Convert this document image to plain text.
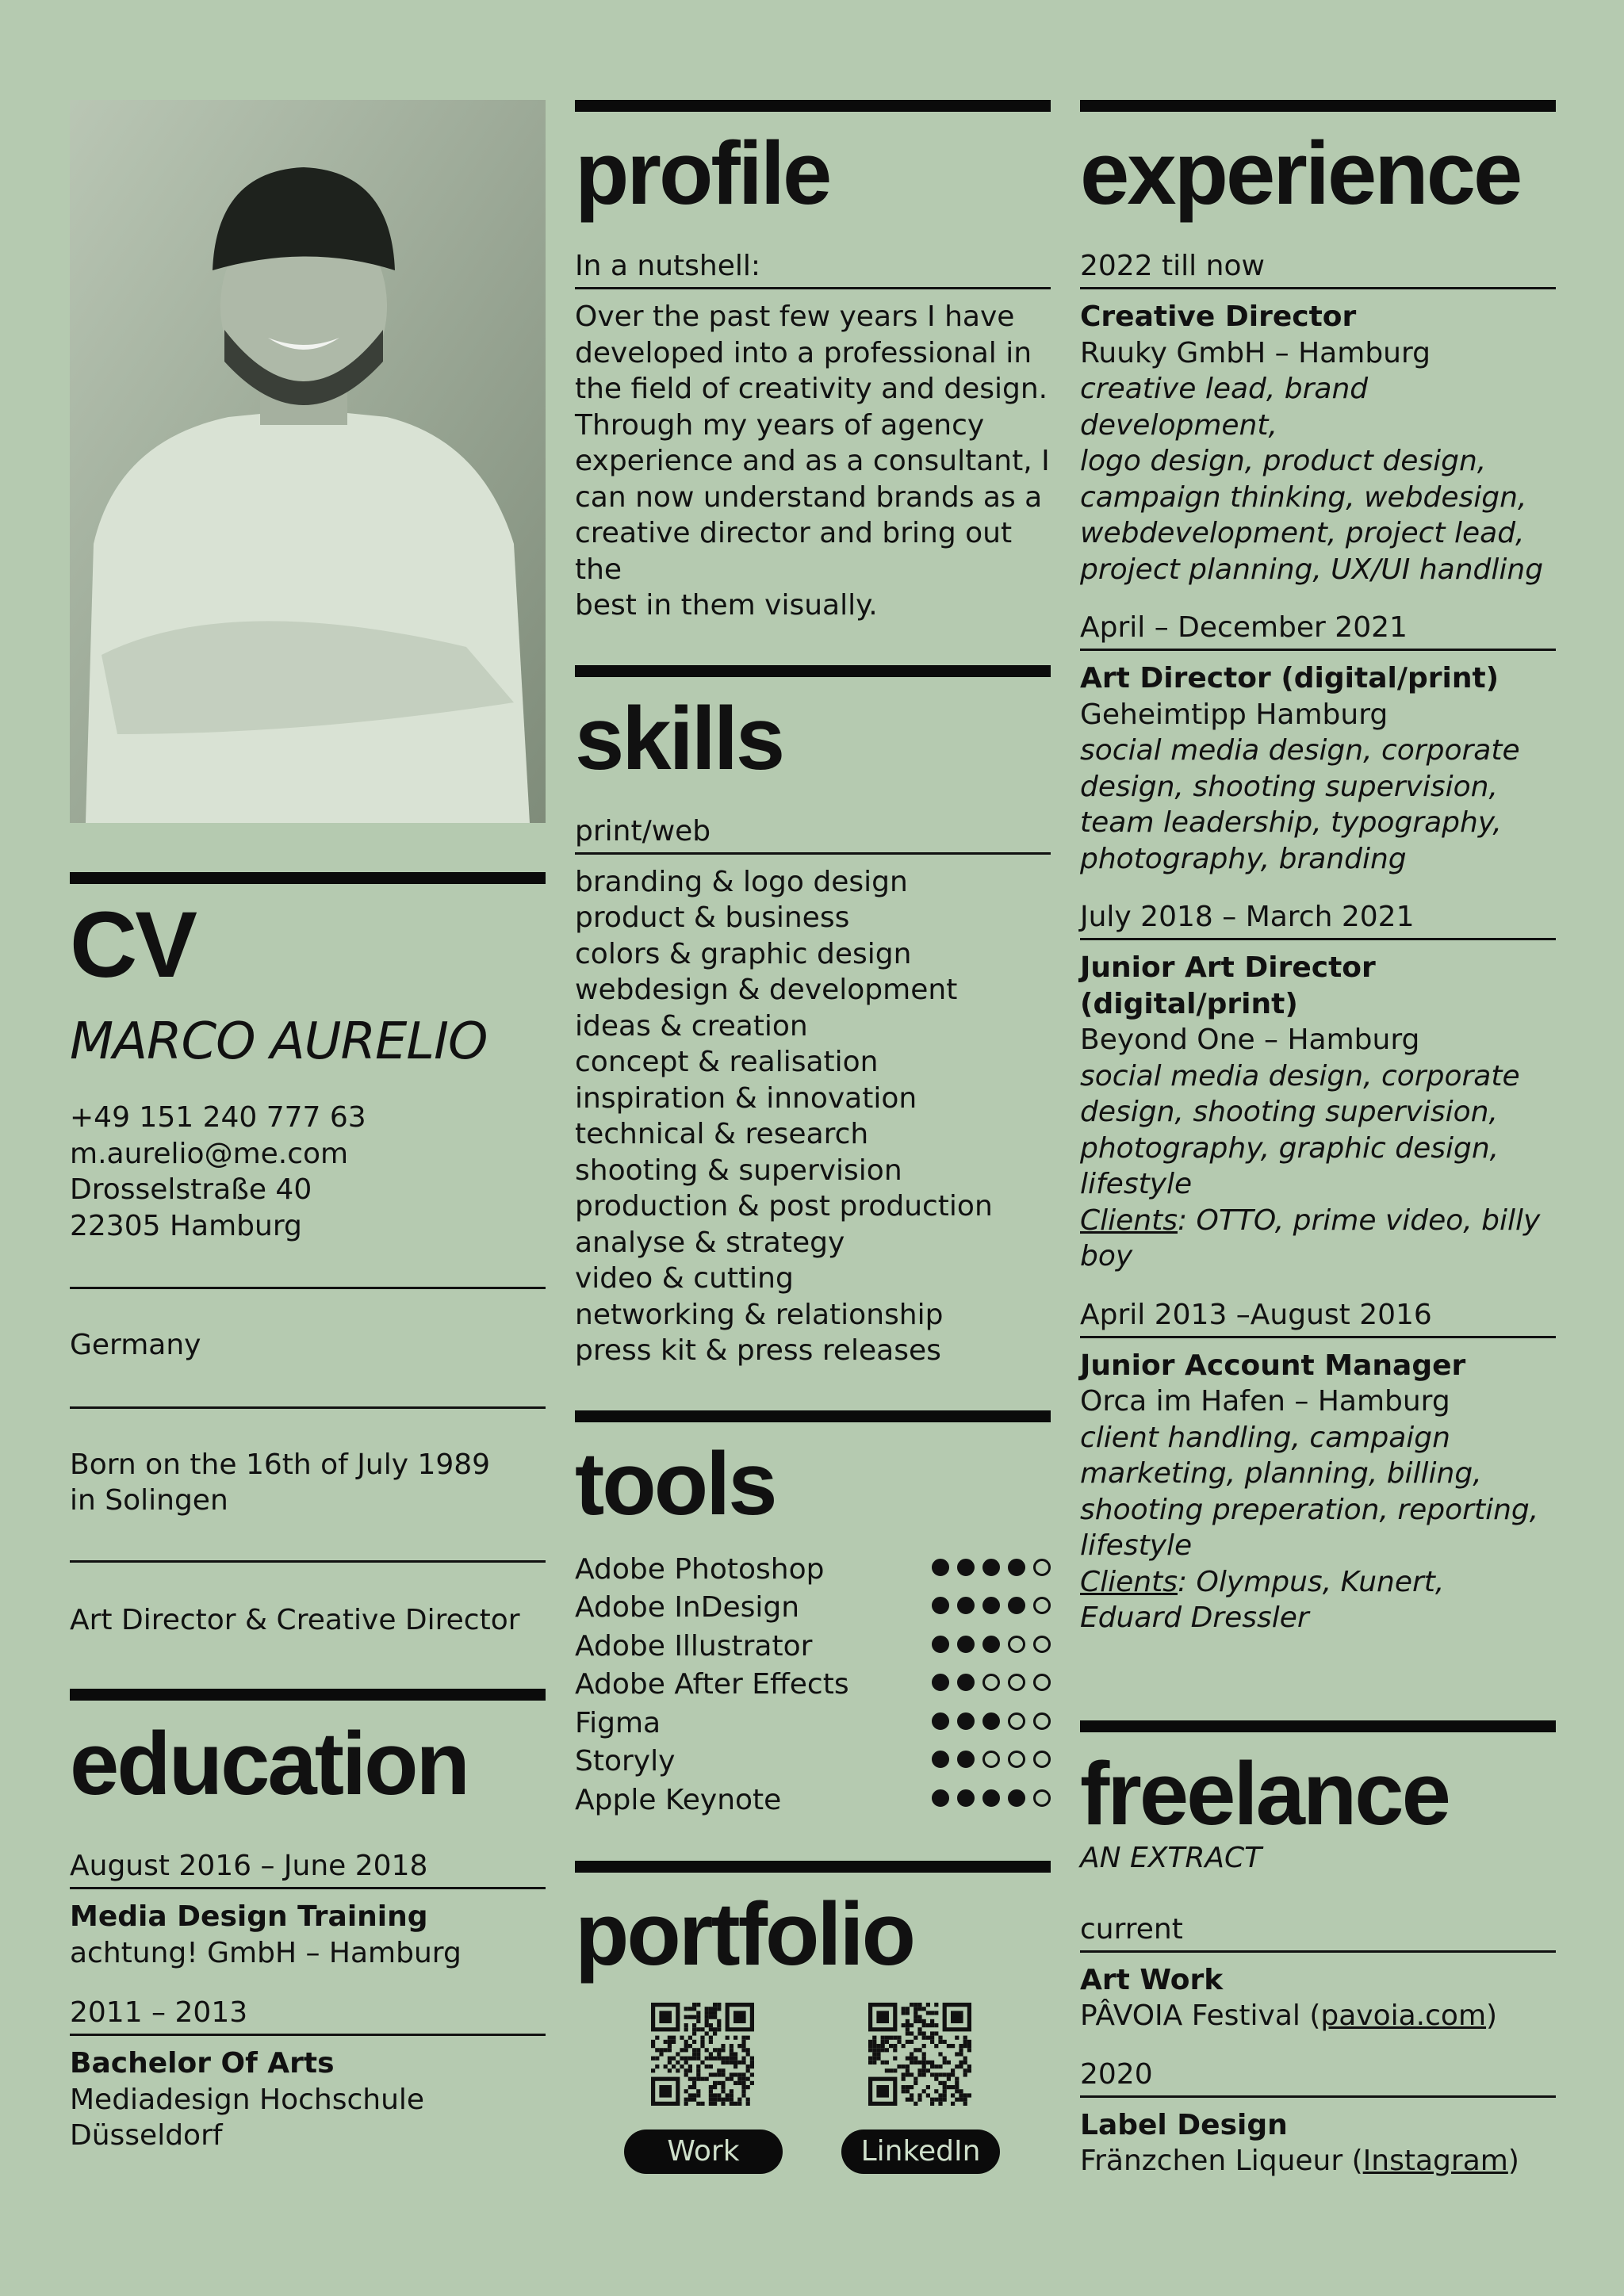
CV
MARCO AURELIO
+49 151 240 777 63
m.aurelio@me.com
Drosselstraße 40
22305 Hamburg
Germany
Born on the 16th of July 1989
in Solingen
Art Director & Creative Director
education
August 2016 – June 2018
Media Design Training
achtung! GmbH – Hamburg
2011 – 2013
Bachelor Of Arts
Mediadesign Hochschule
Düsseldorf
profile
In a nutshell:
Over the past few years I have
developed into a professional in
the field of creativity and design.
Through my years of agency
experience and as a consultant, I
can now understand brands as a
creative director and bring out the
best in them visually.
skills
print/web
branding & logo design
product & business
colors & graphic design
webdesign & development
ideas & creation
concept & realisation
inspiration & innovation
technical & research
shooting & supervision
production & post production
analyse & strategy
video & cutting
networking & relationship
press kit & press releases
tools
Adobe Photoshop
Adobe InDesign
Adobe Illustrator
Adobe After Effects
Figma
Storyly
Apple Keynote
portfolio
Work	LinkedIn
experience
2022 till now
Creative Director
Ruuky GmbH – Hamburg
creative lead, brand development,
logo design, product design,
campaign thinking, webdesign,
webdevelopment, project lead,
project planning, UX/UI handling
April – December 2021
Art Director (digital/print)
Geheimtipp Hamburg
social media design, corporate
design, shooting supervision,
team leadership, typography,
photography, branding
July 2018 – March 2021
Junior Art Director (digital/print)
Beyond One – Hamburg
social media design, corporate
design, shooting supervision,
photography, graphic design,
lifestyle
Clients: OTTO, prime video, billy boy
April 2013 –August 2016
Junior Account Manager
Orca im Hafen – Hamburg
client handling, campaign
marketing, planning, billing,
shooting preperation, reporting,
lifestyle
Clients: Olympus, Kunert,
Eduard Dressler
freelance
AN EXTRACT
current
Art Work
PÂVOIA Festival (pavoia.com)
2020
Label Design
Fränzchen Liqueur (Instagram)
